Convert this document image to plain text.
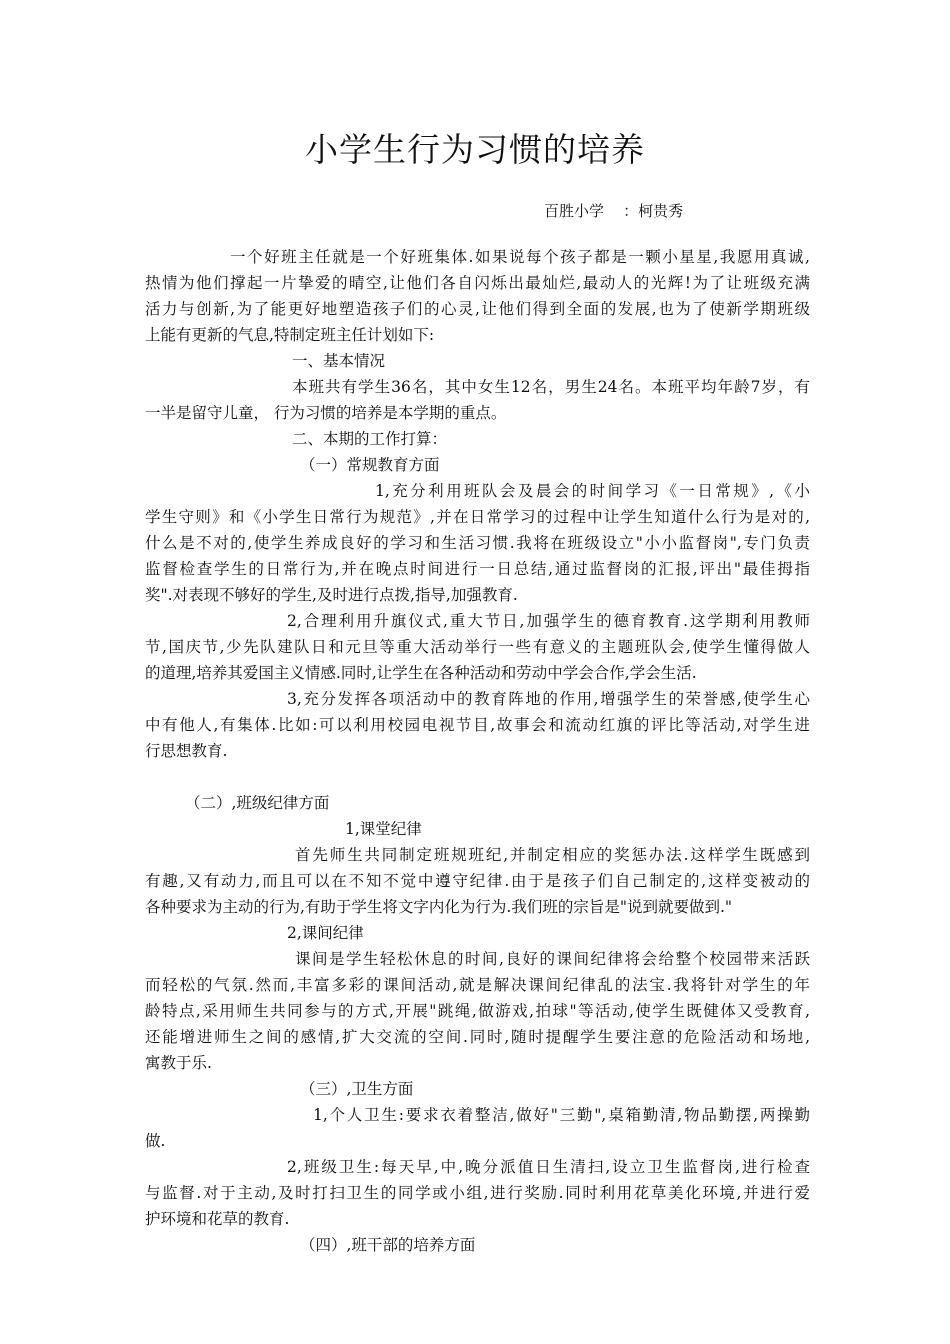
小学生行为习惯的培养
百胜小学    ：柯贵秀
一个好班主任就是一个好班集体.如果说每个孩子都是一颗小星星,我愿用真诚,
热情为他们撑起一片挚爱的晴空,让他们各自闪烁出最灿烂,最动人的光辉!为了让班级充满
活力与创新,为了能更好地塑造孩子们的心灵,让他们得到全面的发展,也为了使新学期班级
上能有更新的气息,特制定班主任计划如下:
一、基本情况
本班共有学生36名，其中女生12名，男生24名。本班平均年龄7岁，有
一半是留守儿童， 行为习惯的培养是本学期的重点。
二、本期的工作打算：
（一）常规教育方面
1,充分利用班队会及晨会的时间学习《一日常规》,《小
学生守则》和《小学生日常行为规范》,并在日常学习的过程中让学生知道什么行为是对的,
什么是不对的,使学生养成良好的学习和生活习惯.我将在班级设立"小小监督岗",专门负责
监督检查学生的日常行为,并在晚点时间进行一日总结,通过监督岗的汇报,评出"最佳拇指
奖".对表现不够好的学生,及时进行点拨,指导,加强教育.
2,合理利用升旗仪式,重大节日,加强学生的德育教育.这学期利用教师
节,国庆节,少先队建队日和元旦等重大活动举行一些有意义的主题班队会,使学生懂得做人
的道理,培养其爱国主义情感.同时,让学生在各种活动和劳动中学会合作,学会生活.
3,充分发挥各项活动中的教育阵地的作用,增强学生的荣誉感,使学生心
中有他人,有集体.比如:可以利用校园电视节目,故事会和流动红旗的评比等活动,对学生进
行思想教育.
（二）,班级纪律方面
1,课堂纪律
首先师生共同制定班规班纪,并制定相应的奖惩办法.这样学生既感到
有趣,又有动力,而且可以在不知不觉中遵守纪律.由于是孩子们自己制定的,这样变被动的
各种要求为主动的行为,有助于学生将文字内化为行为.我们班的宗旨是"说到就要做到."
2,课间纪律
课间是学生轻松休息的时间,良好的课间纪律将会给整个校园带来活跃
而轻松的气氛.然而,丰富多彩的课间活动,就是解决课间纪律乱的法宝.我将针对学生的年
龄特点,采用师生共同参与的方式,开展"跳绳,做游戏,拍球"等活动,使学生既健体又受教育,
还能增进师生之间的感情,扩大交流的空间.同时,随时提醒学生要注意的危险活动和场地,
寓教于乐.
（三）,卫生方面
1,个人卫生:要求衣着整洁,做好"三勤",桌箱勤清,物品勤摆,两操勤
做.
2,班级卫生:每天早,中,晚分派值日生清扫,设立卫生监督岗,进行检查
与监督.对于主动,及时打扫卫生的同学或小组,进行奖励.同时利用花草美化环境,并进行爱
护环境和花草的教育.
（四）,班干部的培养方面
